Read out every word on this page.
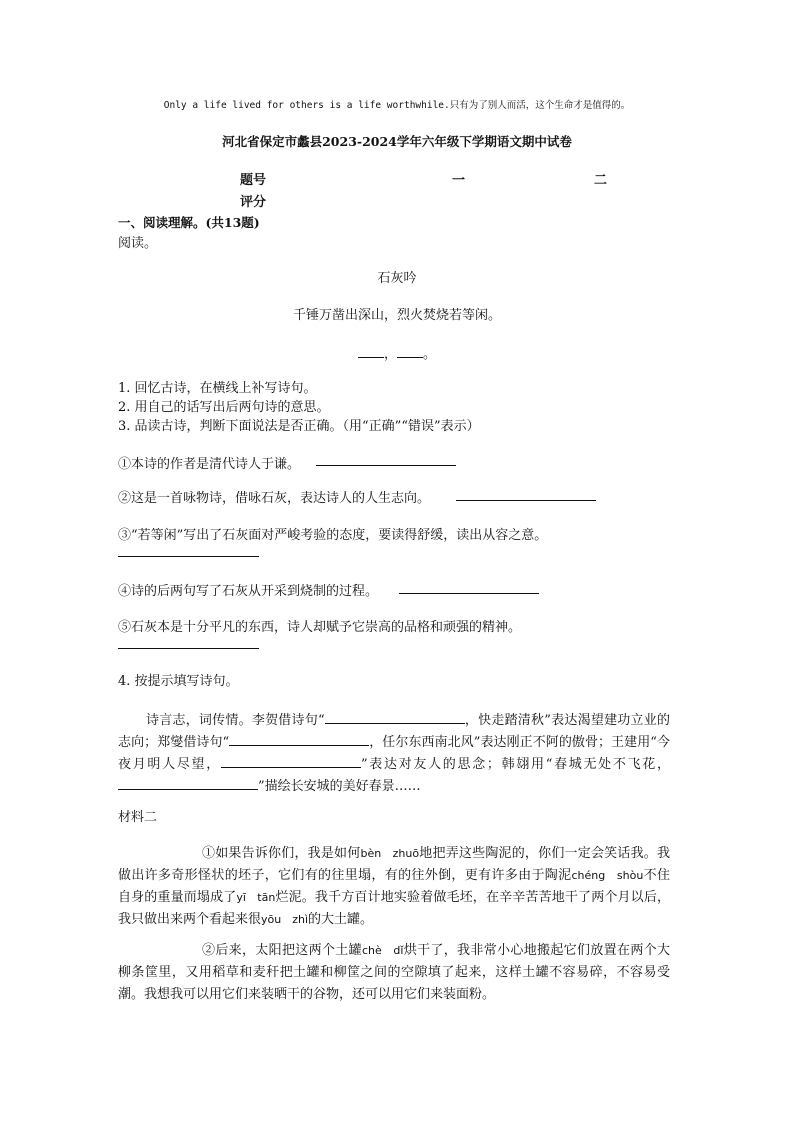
Only a life lived for others is a life worthwhile.只有为了别人而活，这个生命才是值得的。
河北省保定市蠡县2023-2024学年六年级下学期语文期中试卷
题号	一	二
评分
一、阅读理解。(共13题)
阅读。
石灰吟
千锤万凿出深山，烈火焚烧若等闲。
， 。
1. 回忆古诗，在横线上补写诗句。
2. 用自己的话写出后两句诗的意思。
3. 品读古诗，判断下面说法是否正确。（用“正确”“错误”表示）
①本诗的作者是清代诗人于谦。
②这是一首咏物诗，借咏石灰，表达诗人的人生志向。
③“若等闲”写出了石灰面对严峻考验的态度，要读得舒缓，读出从容之意。
④诗的后两句写了石灰从开采到烧制的过程。
⑤石灰本是十分平凡的东西，诗人却赋予它崇高的品格和顽强的精神。
4. 按提示填写诗句。
诗言志，词传情。李贺借诗句“	，快走踏清秋”表达渴望建功立业的志向；郑燮借诗句“	，任尔东西南北风”表达刚正不阿的傲骨；王建用“今夜月明人尽望，	”表达对友人的思念；韩翃用“春城无处不飞花，”描绘长安城的美好春景……
材料二
①如果告诉你们，我是如何bèn　zhuō地把弄这些陶泥的，你们一定会笑话我。我做出许多奇形怪状的坯子，它们有的往里塌，有的往外倒，更有许多由于陶泥chéng　shòu不住自身的重量而塌成了yī　tān烂泥。我千方百计地实验着做毛坯，在辛辛苦苦地干了两个月以后，我只做出来两个看起来很yōu　zhì的大土罐。
②后来，太阳把这两个土罐chè　dǐ烘干了，我非常小心地搬起它们放置在两个大柳条筐里，又用稻草和麦秆把土罐和柳筐之间的空隙填了起来，这样土罐不容易碎，不容易受潮。我想我可以用它们来装晒干的谷物，还可以用它们来装面粉。
